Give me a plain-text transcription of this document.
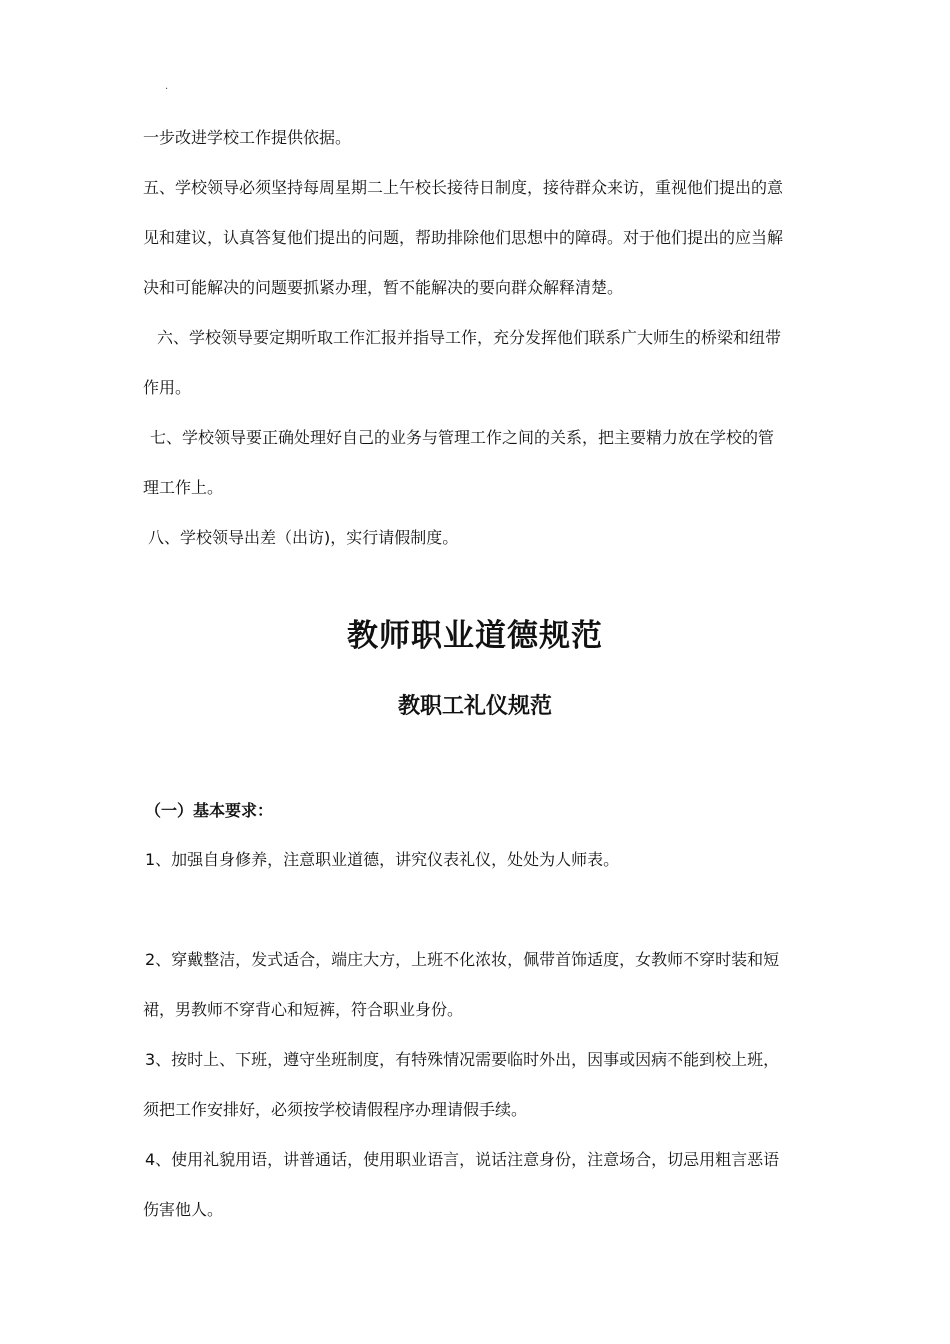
·
一步改进学校工作提供依据。
五、学校领导必须坚持每周星期二上午校长接待日制度，接待群众来访，重视他们提出的意
见和建议，认真答复他们提出的问题，帮助排除他们思想中的障碍。对于他们提出的应当解
决和可能解决的问题要抓紧办理，暂不能解决的要向群众解释清楚。
六、学校领导要定期听取工作汇报并指导工作，充分发挥他们联系广大师生的桥梁和纽带
作用。
七、学校领导要正确处理好自己的业务与管理工作之间的关系，把主要精力放在学校的管
理工作上。
八、学校领导出差（出访)，实行请假制度。
教师职业道德规范
教职工礼仪规范
（一）基本要求：
1、加强自身修养，注意职业道德，讲究仪表礼仪，处处为人师表。
2、穿戴整洁，发式适合，端庄大方，上班不化浓妆，佩带首饰适度，女教师不穿时装和短
裙，男教师不穿背心和短裤，符合职业身份。
3、按时上、下班，遵守坐班制度，有特殊情况需要临时外出，因事或因病不能到校上班，
须把工作安排好，必须按学校请假程序办理请假手续。
4、使用礼貌用语，讲普通话，使用职业语言，说话注意身份，注意场合，切忌用粗言恶语
伤害他人。
